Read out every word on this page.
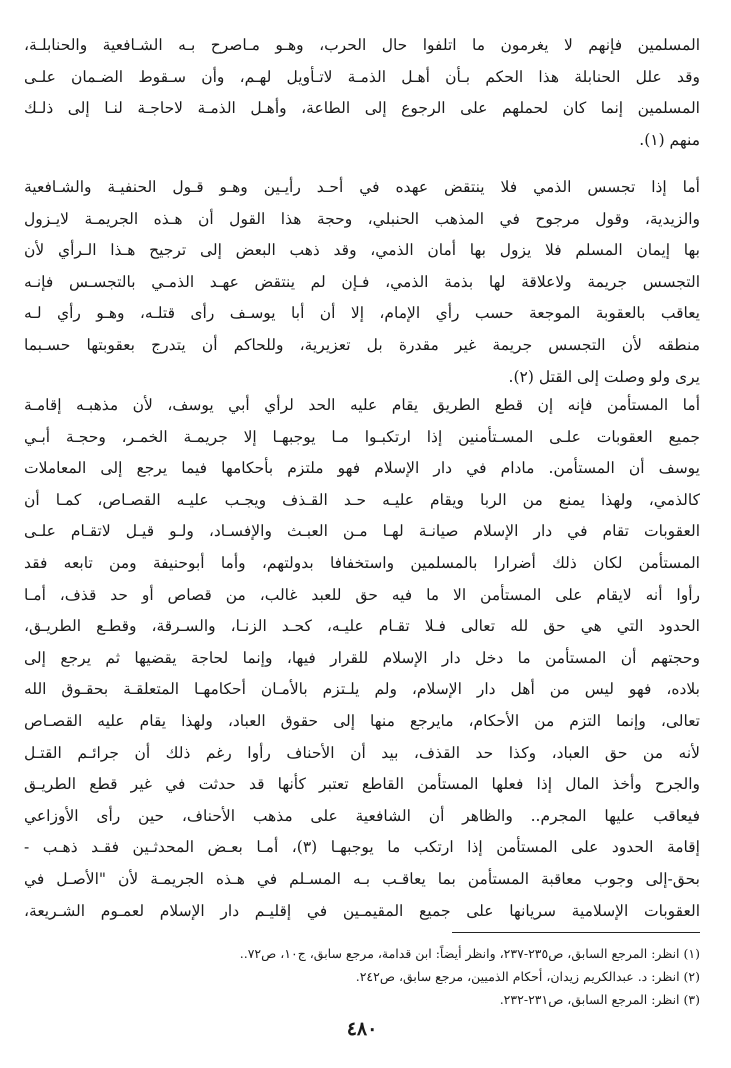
المسلمين فإنهم لا يغرمون ما اتلفوا حال الحرب، وهـو مـاصرح بـه الشـافعية والحنابلـة،
وقد علل الحنابلة هذا الحكم بـأن أهـل الذمـة لاتـأويل لهـم، وأن سـقوط الضـمان علـى
المسلمين إنما كان لحملهم على الرجوع إلى الطاعة، وأهـل الذمـة لاحاجـة لنـا إلى ذلـك
منهم (١).
أما إذا تجسس الذمي فلا ينتقض عهده في أحـد رأيـين وهـو قـول الحنفيـة والشـافعية
والزيدية، وقول مرجوح في المذهب الحنبلي، وحجة هذا القول أن هـذه الجريمـة لايـزول
بها إيمان المسلم فلا يزول بها أمان الذمي، وقد ذهب البعض إلى ترجيح هـذا الـرأي لأن
التجسس جريمة ولاعلاقة لها بذمة الذمي، فـإن لم ينتقض عهـد الذمـي بالتجسـس فإنـه
يعاقب بالعقوبة الموجعة حسب رأي الإمام، إلا أن أبا يوسـف رأى قتلـه، وهـو رأي لـه
منطقه لأن التجسس جريمة غير مقدرة بل تعزيرية، وللحاكم أن يتدرج بعقوبتها حسـبما
يرى ولو وصلت إلى القتل (٢).
أما المستأمن فإنه إن قطع الطريق يقام عليه الحد لرأي أبي يوسف، لأن مذهبـه إقامـة
جميع العقوبات علـى المسـتأمنين إذا ارتكبـوا مـا يوجبهـا إلا جريمـة الخمـر، وحجـة أبـي
يوسف أن المستأمن. مادام في دار الإسلام فهو ملتزم بأحكامها فيما يرجع إلى المعاملات
كالذمي، ولهذا يمنع من الربا ويقام عليـه حـد القـذف ويجـب عليـه القصـاص، كمـا أن
العقوبات تقام في دار الإسلام صيانـة لهـا مـن العبـث والإفسـاد، ولـو قيـل لاتقـام علـى
المستأمن لكان ذلك أضرارا بالمسلمين واستخفافا بدولتهم، وأما أبوحنيفة ومن تابعه فقد
رأوا أنه لايقام على المستأمن الا ما فيه حق للعبد غالب، من قصاص أو حد قذف، أمـا
الحدود التي هي حق لله تعالى فـلا تقـام عليـه، كحـد الزنـا، والسـرقة، وقطـع الطريـق،
وحجتهم أن المستأمن ما دخل دار الإسلام للقرار فيها، وإنما لحاجة يقضيها ثم يرجع إلى
بلاده، فهو ليس من أهل دار الإسلام، ولم يلـتزم بالأمـان أحكامهـا المتعلقـة بحقـوق الله
تعالى، وإنما التزم من الأحكام، مايرجع منها إلى حقوق العباد، ولهذا يقام عليه القصـاص
لأنه من حق العباد، وكذا حد القذف، بيد أن الأحناف رأوا رغم ذلك أن جرائـم القتـل
والجرح وأخذ المال إذا فعلها المستأمن القاطع تعتبر كأنها قد حدثت في غير قطع الطريـق
فيعاقب عليها المجرم.. والظاهر أن الشافعية على مذهب الأحناف، حين رأى الأوزاعي
إقامة الحدود على المستأمن إذا ارتكب ما يوجبهـا (٣)، أمـا بعـض المحدثـين فقـد ذهـب -
بحق-إلى وجوب معاقبة المستأمن بما يعاقـب بـه المسـلم في هـذه الجريمـة لأن "الأصـل في
العقوبات الإسلامية سريانها على جميع المقيمـين في إقليـم دار الإسلام لعمـوم الشـريعة،
(١) انظر: المرجع السابق، ص٢٣٥-٢٣٧، وانظر أيضاً: ابن قدامة، مرجع سابق، ج١٠، ص٧٢..
(٢) انظر: د. عبدالكريم زيدان، أحكام الذميين، مرجع سابق، ص٢٤٢.
(٣) انظر: المرجع السابق، ص٢٣١-٢٣٢.
٤٨٠
